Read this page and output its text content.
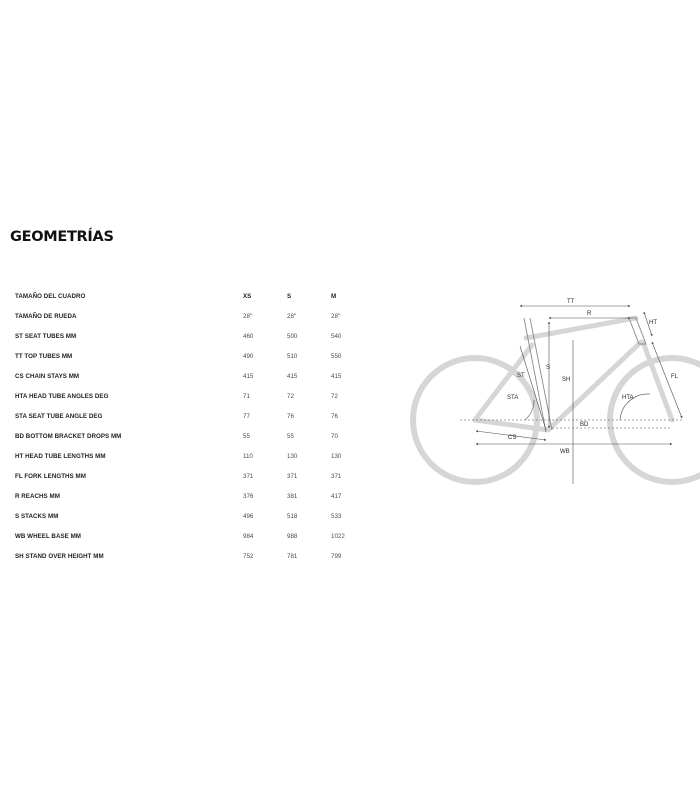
GEOMETRÍAS
TAMAÑO DEL CUADRO	XS	S	M
TAMAÑO DE RUEDA	28"	28"	28"
ST SEAT TUBES MM	460	500	540
TT TOP TUBES MM	490	510	550
CS CHAIN STAYS MM	415	415	415
HTA HEAD TUBE ANGLES DEG	71	72	72
STA SEAT TUBE ANGLE DEG	77	76	76
BD BOTTOM BRACKET DROPS MM	55	55	70
HT HEAD TUBE LENGTHS MM	110	130	130
FL FORK LENGTHS MM	371	371	371
R REACHS MM	376	381	417
S STACKS MM	496	518	533
WB WHEEL BASE MM	984	988	1022
SH STAND OVER HEIGHT MM	752	781	799
TT
R
HT
FL
ST
S
SH
STA	HTA
BD
CS
WB
